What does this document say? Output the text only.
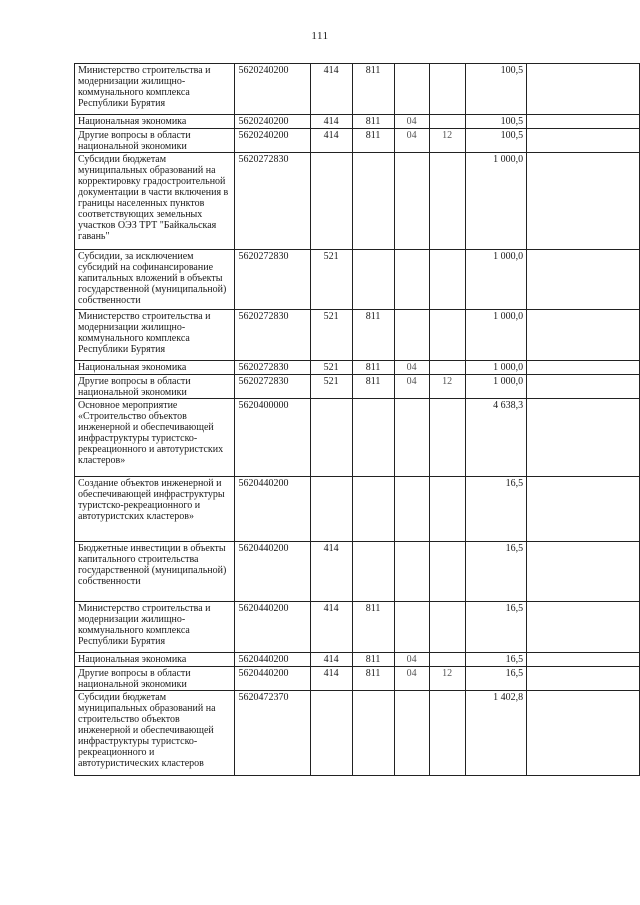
111
Министерство строительства и модернизации жилищно-коммунального комплекса Республики Бурятия	5620240200	414	811			100,5	
Национальная экономика	5620240200	414	811	04		100,5	
Другие вопросы в области национальной экономики	5620240200	414	811	04	12	100,5	
Субсидии бюджетам муниципальных образований на корректировку градостроительной документации в части включения в границы населенных пунктов соответствующих земельных участков ОЭЗ ТРТ "Байкальская гавань"	5620272830					1 000,0	
Субсидии, за исключением субсидий на софинансирование капитальных вложений в объекты государственной (муниципальной) собственности	5620272830	521				1 000,0	
Министерство строительства и модернизации жилищно-коммунального комплекса Республики Бурятия	5620272830	521	811			1 000,0	
Национальная экономика	5620272830	521	811	04		1 000,0	
Другие вопросы в области национальной экономики	5620272830	521	811	04	12	1 000,0	
Основное мероприятие «Строительство объектов инженерной и обеспечивающей инфраструктуры туристско-рекреационного и автотуристских кластеров»	5620400000					4 638,3	
Создание объектов инженерной и обеспечивающей инфраструктуры туристско-рекреационного и автотуристских кластеров»	5620440200					16,5	
Бюджетные инвестиции в объекты капитального строительства государственной (муниципальной) собственности	5620440200	414				16,5	
Министерство строительства и модернизации жилищно-коммунального комплекса Республики Бурятия	5620440200	414	811			16,5	
Национальная экономика	5620440200	414	811	04		16,5	
Другие вопросы в области национальной экономики	5620440200	414	811	04	12	16,5	
Субсидии бюджетам муниципальных образований на строительство объектов инженерной и обеспечивающей инфраструктуры туристско-рекреационного и автотуристических кластеров	5620472370					1 402,8	
